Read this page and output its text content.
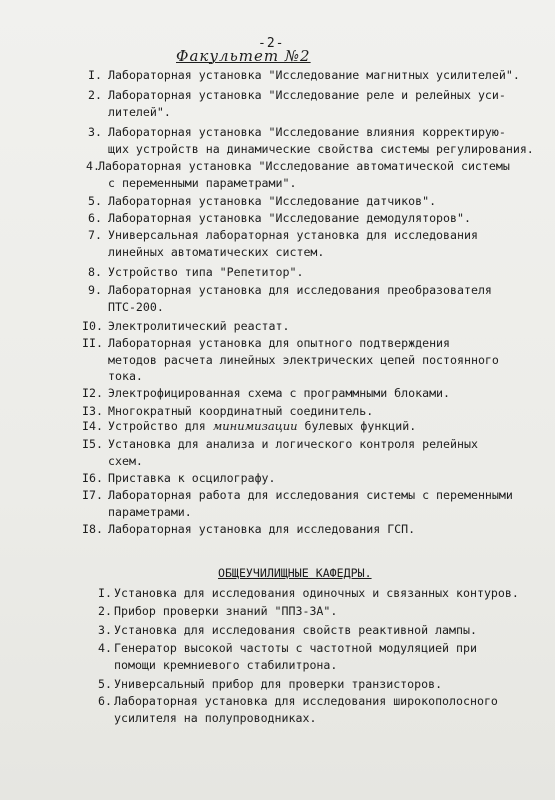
-2-
Факультет №2
I. Лабораторная установка "Исследование магнитных усилителей".
2. Лабораторная установка "Исследование реле и релейных уси-
лителей".
3. Лабораторная установка "Исследование влияния корректирую-
щих устройств на динамические свойства системы регулирования.
4.
Лабораторная установка "Исследование автоматической системы
с переменными параметрами".
5. Лабораторная установка "Исследование датчиков".
6. Лабораторная установка "Исследование демодуляторов".
7. Универсальная лабораторная установка для исследования
линейных автоматических систем.
8. Устройство типа "Репетитор".
9. Лабораторная установка для исследования преобразователя
ПТС-200.
I0. Электролитический реастат.
II. Лабораторная установка для опытного подтверждения
методов расчета линейных электрических цепей постоянного
тока.
I2. Электрофицированная схема с программными блоками.
I3. Многократный координатный соединитель.
I4. Устройство для минимизации булевых функций.
I5. Установка для анализа и логического контроля релейных
схем.
I6. Приставка к осцилографу.
I7. Лабораторная работа для исследования системы с переменными
параметрами.
I8. Лабораторная установка для исследования ГСП.
ОБЩЕУЧИЛИЩНЫЕ КАФЕДРЫ.
I. Установка для исследования одиночных и связанных контуров.
2. Прибор проверки знаний "ППЗ-3А".
3. Установка для исследования свойств реактивной лампы.
4. Генератор высокой частоты с частотной модуляцией при
помощи кремниевого стабилитрона.
5. Универсальный прибор для проверки транзисторов.
6. Лабораторная установка для исследования широкополосного
усилителя на полупроводниках.
